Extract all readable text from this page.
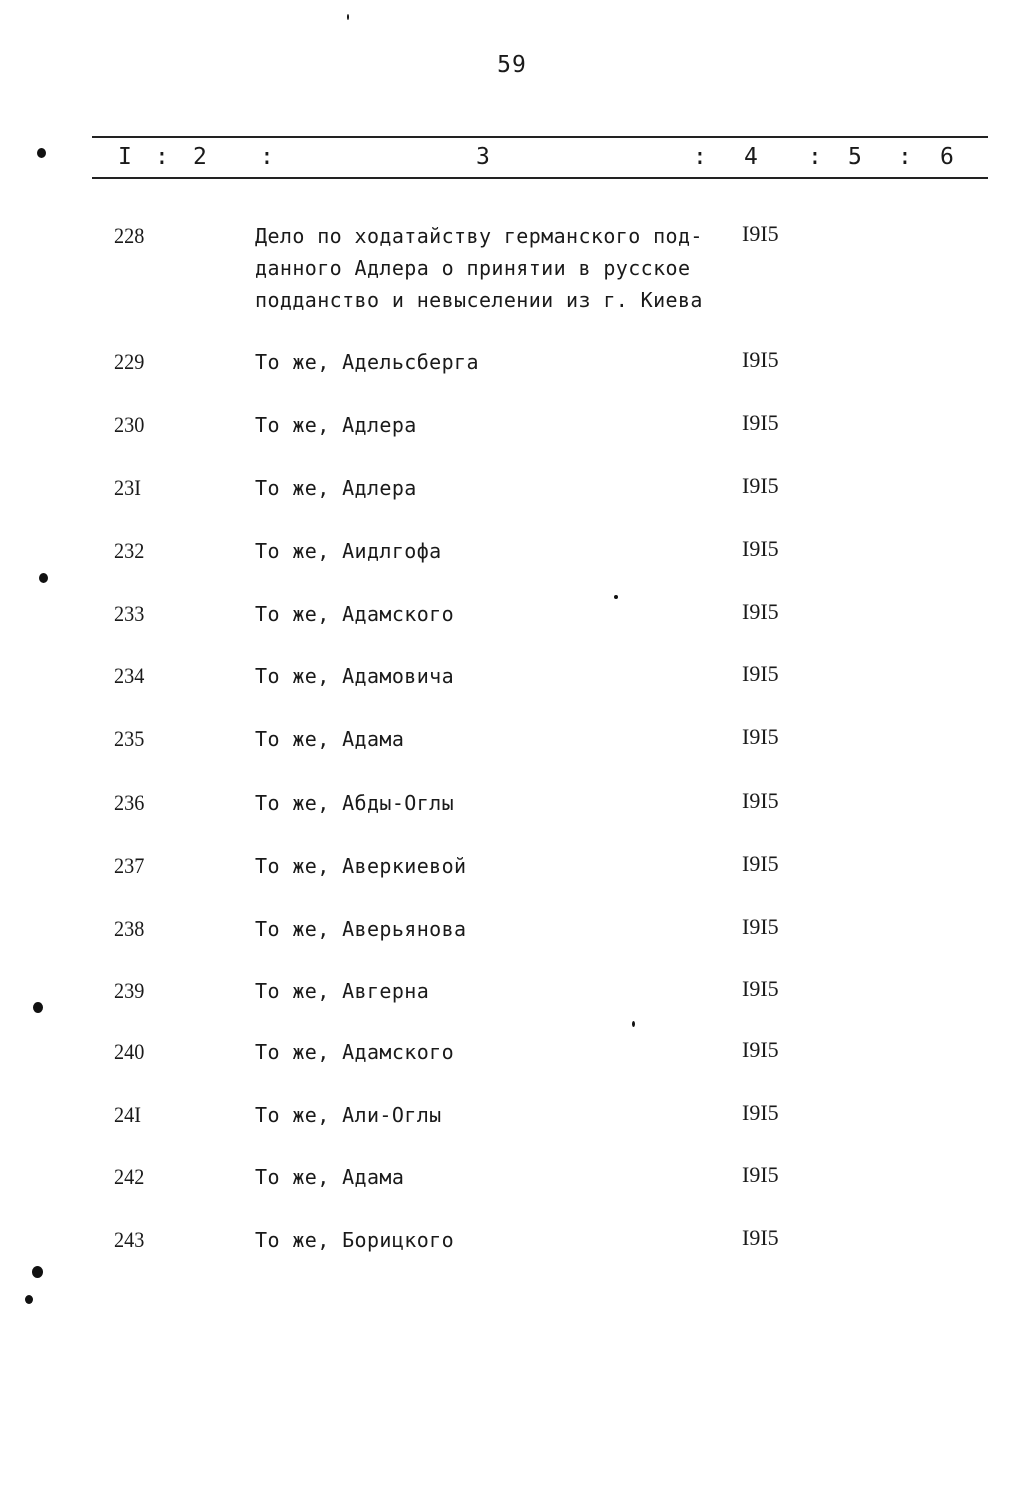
59
I : 2 :	3	: 4 : 5 : 6
228	Дело по ходатайству германского под-
данного Адлера о принятии в русское
подданство и невыселении из г. Киева
I9I5
229	То же, Адельсберга	I9I5
230	То же, Адлера	I9I5
23I	То же, Адлера	I9I5
232	То же, Аидлгофа	I9I5
233	То же, Адамского	I9I5
234	То же, Адамовича	I9I5
235	То же, Адама	I9I5
236	То же, Абды-Оглы	I9I5
237	То же, Аверкиевой	I9I5
238	То же, Аверьянова	I9I5
239	То же, Авгерна	I9I5
240	То же, Адамского	I9I5
24I	То же, Али-Оглы	I9I5
242	То же, Адама	I9I5
243	То же, Борицкого	I9I5
